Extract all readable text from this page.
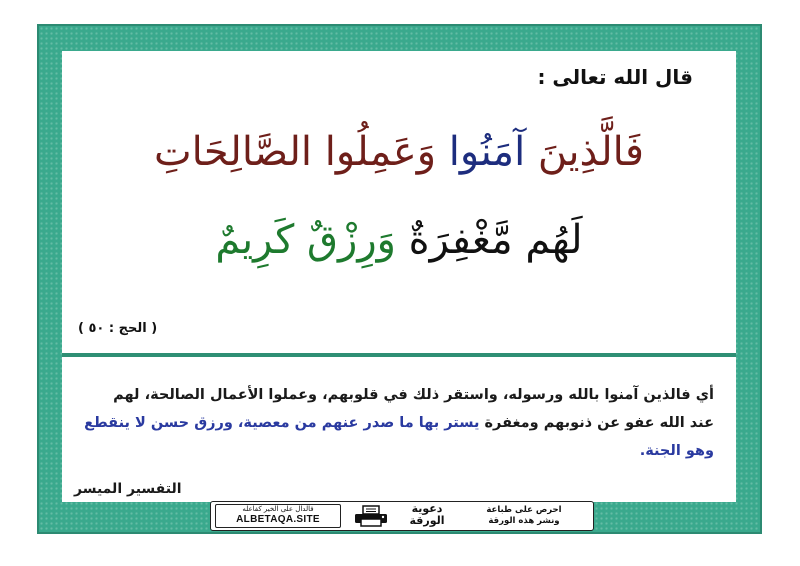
قال الله تعالى :
فَالَّذِينَ آمَنُوا وَعَمِلُوا الصَّالِحَاتِ
لَهُم مَّغْفِرَةٌ وَرِزْقٌ كَرِيمٌ
( الحج : ٥٠ )
أي فالذين آمنوا بالله ورسوله، واستقر ذلك في قلوبهم، وعملوا الأعمال الصالحة، لهم عند الله عفو عن ذنوبهم ومغفرة يستر بها ما صدر عنهم من معصية، ورزق حسن لا ينقطع وهو الجنة.
التفسير الميسر
فالدال على الخير كفاعله
ALBETAQA.SITE
دعوية
الورقة
احرص على طباعة
ونشر هذه الورقة
